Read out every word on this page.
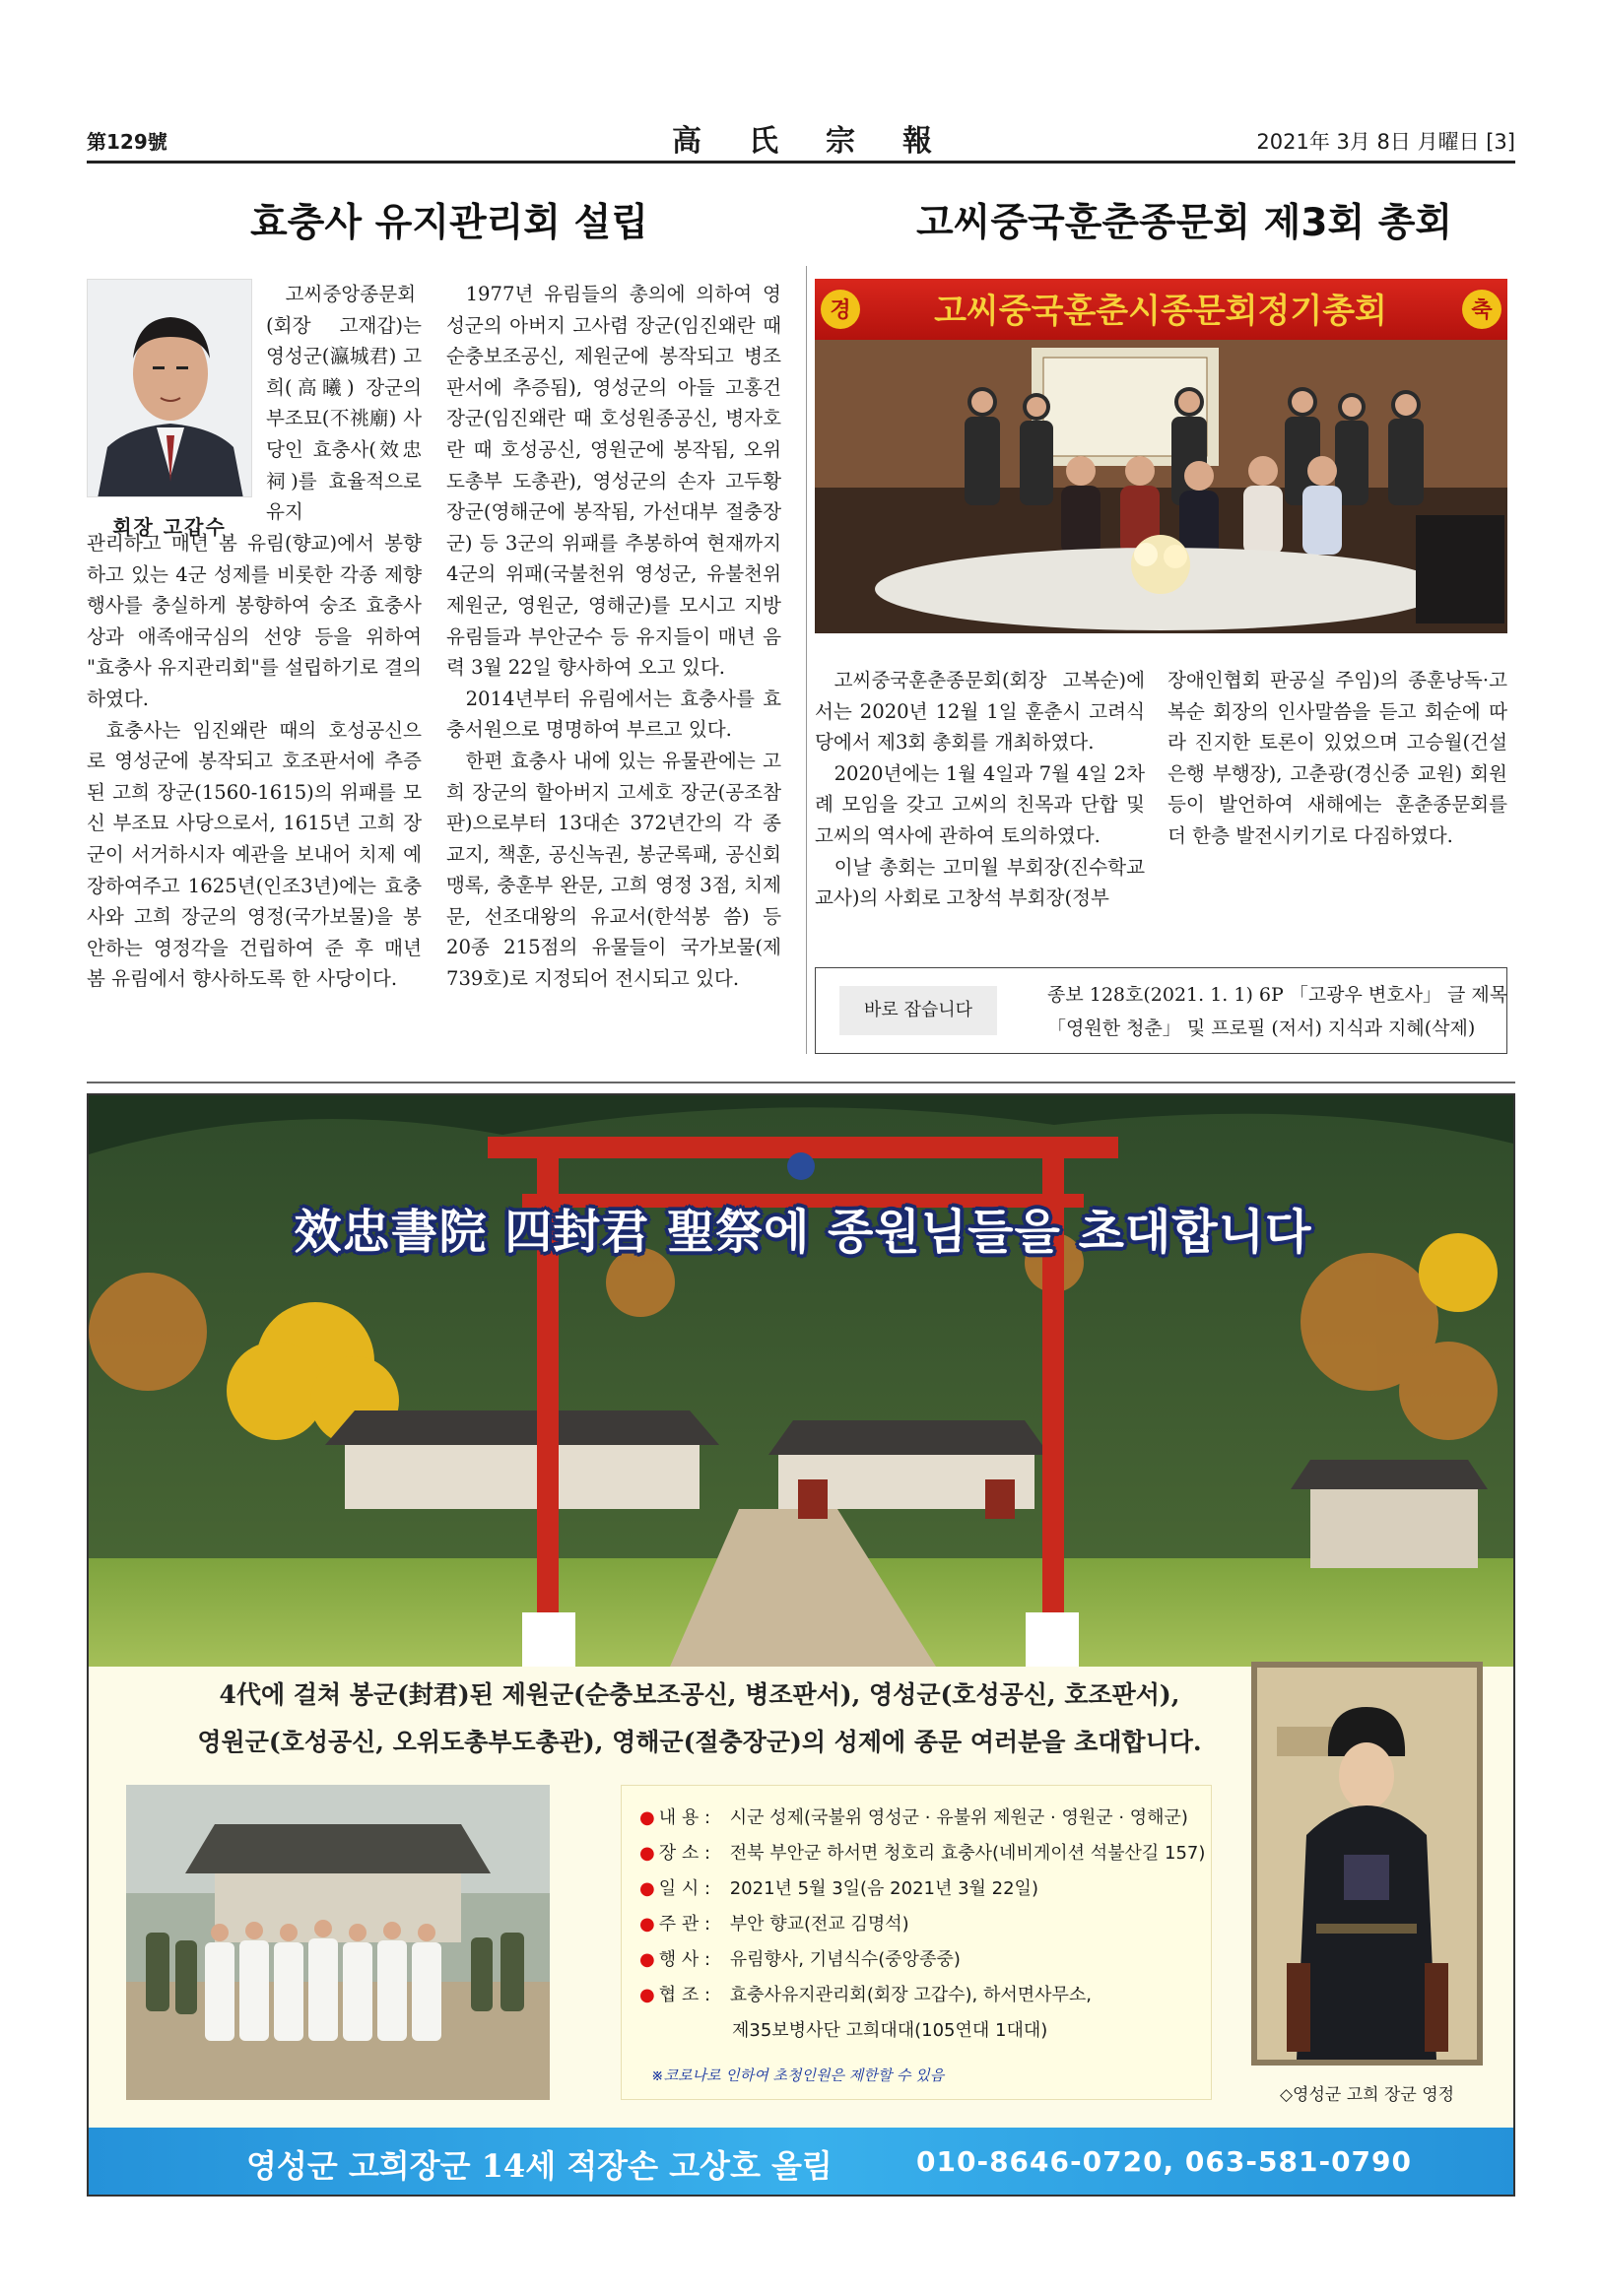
第129號	高氏宗報	2021年 3月 8日 月曜日 [3]
효충사 유지관리회 설립	고씨중국훈춘종문회 제3회 총회
회장 고갑수

고씨중앙종문회(회장 고재갑)는 영성군(瀛城君) 고희(高曦) 장군의 부조묘(不祧廟) 사당인 효충사(效忠祠)를 효율적으로 유지

관리하고 매년 봄 유림(향교)에서 봉향하고 있는 4군 성제를 비롯한 각종 제향 행사를 충실하게 봉향하여 숭조 효충사상과 애족애국심의 선양 등을 위하여 "효충사 유지관리회"를 설립하기로 결의하였다.

효충사는 임진왜란 때의 호성공신으로 영성군에 봉작되고 호조판서에 추증된 고희 장군(1560-1615)의 위패를 모신 부조묘 사당으로서, 1615년 고희 장군이 서거하시자 예관을 보내어 치제 예장하여주고 1625년(인조3년)에는 효충사와 고희 장군의 영정(국가보물)을 봉안하는 영정각을 건립하여 준 후 매년 봄 유림에서 향사하도록 한 사당이다.

1977년 유림들의 총의에 의하여 영성군의 아버지 고사렴 장군(임진왜란 때 순충보조공신, 제원군에 봉작되고 병조판서에 추증됨), 영성군의 아들 고홍건 장군(임진왜란 때 호성원종공신, 병자호란 때 호성공신, 영원군에 봉작됨, 오위도총부 도총관), 영성군의 손자 고두황 장군(영해군에 봉작됨, 가선대부 절충장군) 등 3군의 위패를 추봉하여 현재까지 4군의 위패(국불천위 영성군, 유불천위 제원군, 영원군, 영해군)를 모시고 지방 유림들과 부안군수 등 유지들이 매년 음력 3월 22일 향사하여 오고 있다.

2014년부터 유림에서는 효충사를 효충서원으로 명명하여 부르고 있다.

한편 효충사 내에 있는 유물관에는 고희 장군의 할아버지 고세호 장군(공조참판)으로부터 13대손 372년간의 각 종교지, 책훈, 공신녹권, 봉군록패, 공신회맹록, 충훈부 완문, 고희 영정 3점, 치제문, 선조대왕의 유교서(한석봉 씀) 등 20종 215점의 유물들이 국가보물(제739호)로 지정되어 전시되고 있다.

경	축
고씨중국훈춘시종문회정기총회

고씨중국훈춘종문회(회장 고복순)에서는 2020년 12월 1일 훈춘시 고려식당에서 제3회 총회를 개최하였다.

2020년에는 1월 4일과 7월 4일 2차례 모임을 갖고 고씨의 친목과 단합 및 고씨의 역사에 관하여 토의하였다.

이날 총회는 고미월 부회장(진수학교 교사)의 사회로 고창석 부회장(정부

장애인협회 판공실 주임)의 종훈낭독·고복순 회장의 인사말씀을 듣고 회순에 따라 진지한 토론이 있었으며 고승월(건설은행 부행장), 고춘광(경신중 교원) 회원 등이 발언하여 새해에는 훈춘종문회를 더 한층 발전시키기로 다짐하였다.

바로 잡습니다
종보 128호(2021. 1. 1) 6P 「고광우 변호사」 글 제목
「영원한 청춘」 및 프로필 (저서) 지식과 지혜(삭제)
效忠書院 四封君 聖祭에 종원님들을 초대합니다
4代에 걸쳐 봉군(封君)된 제원군(순충보조공신, 병조판서), 영성군(호성공신, 호조판서),
영원군(호성공신, 오위도총부도총관), 영해군(절충장군)의 성제에 종문 여러분을 초대합니다.
● 내 용 : 시군 성제(국불위 영성군 · 유불위 제원군 · 영원군 · 영해군)
● 장 소 : 전북 부안군 하서면 청호리 효충사(네비게이션 석불산길 157)
● 일 시 : 2021년 5월 3일(음 2021년 3월 22일)
● 주 관 : 부안 향교(전교 김명석)
● 행 사 : 유림향사, 기념식수(중앙종중)
● 협 조 : 효충사유지관리회(회장 고갑수), 하서면사무소,
제35보병사단 고희대대(105연대 1대대)
※코로나로 인하여 초청인원은 제한할 수 있음
◇영성군 고희 장군 영정
영성군 고희장군 14세 적장손 고상호 올림	010-8646-0720, 063-581-0790
